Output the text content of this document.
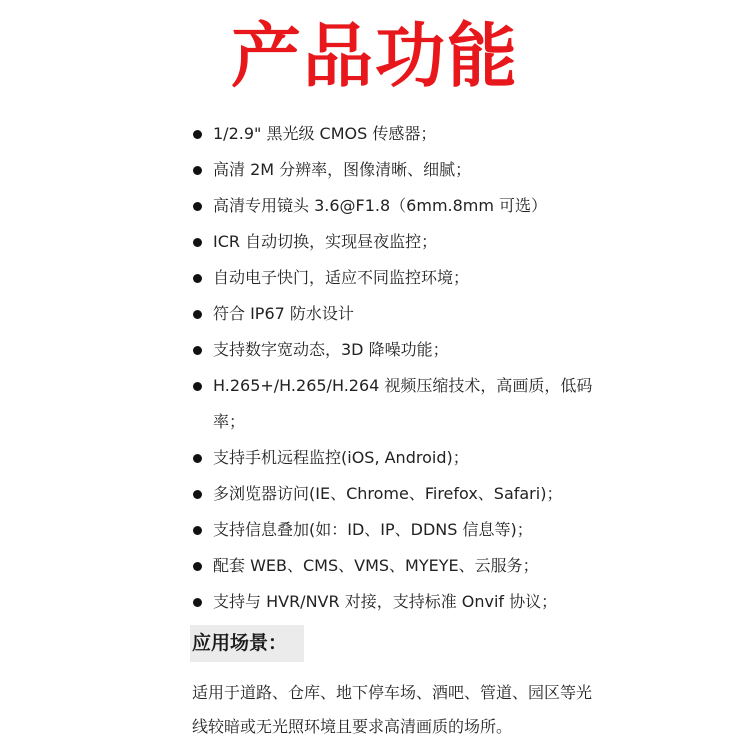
产品功能
1/2.9" 黑光级 CMOS 传感器；
高清 2M 分辨率，图像清晰、细腻；
高清专用镜头 3.6@F1.8（6mm.8mm 可选）
ICR 自动切换，实现昼夜监控；
自动电子快门，适应不同监控环境；
符合 IP67 防水设计
支持数字宽动态，3D 降噪功能；
H.265+/H.265/H.264 视频压缩技术，高画质，低码率；
支持手机远程监控(iOS, Android)；
多浏览器访问(IE、Chrome、Firefox、Safari)；
支持信息叠加(如：ID、IP、DDNS 信息等)；
配套 WEB、CMS、VMS、MYEYE、云服务；
支持与 HVR/NVR 对接，支持标准 Onvif 协议；
应用场景：

适用于道路、仓库、地下停车场、酒吧、管道、园区等光线较暗或无光照环境且要求高清画质的场所。
